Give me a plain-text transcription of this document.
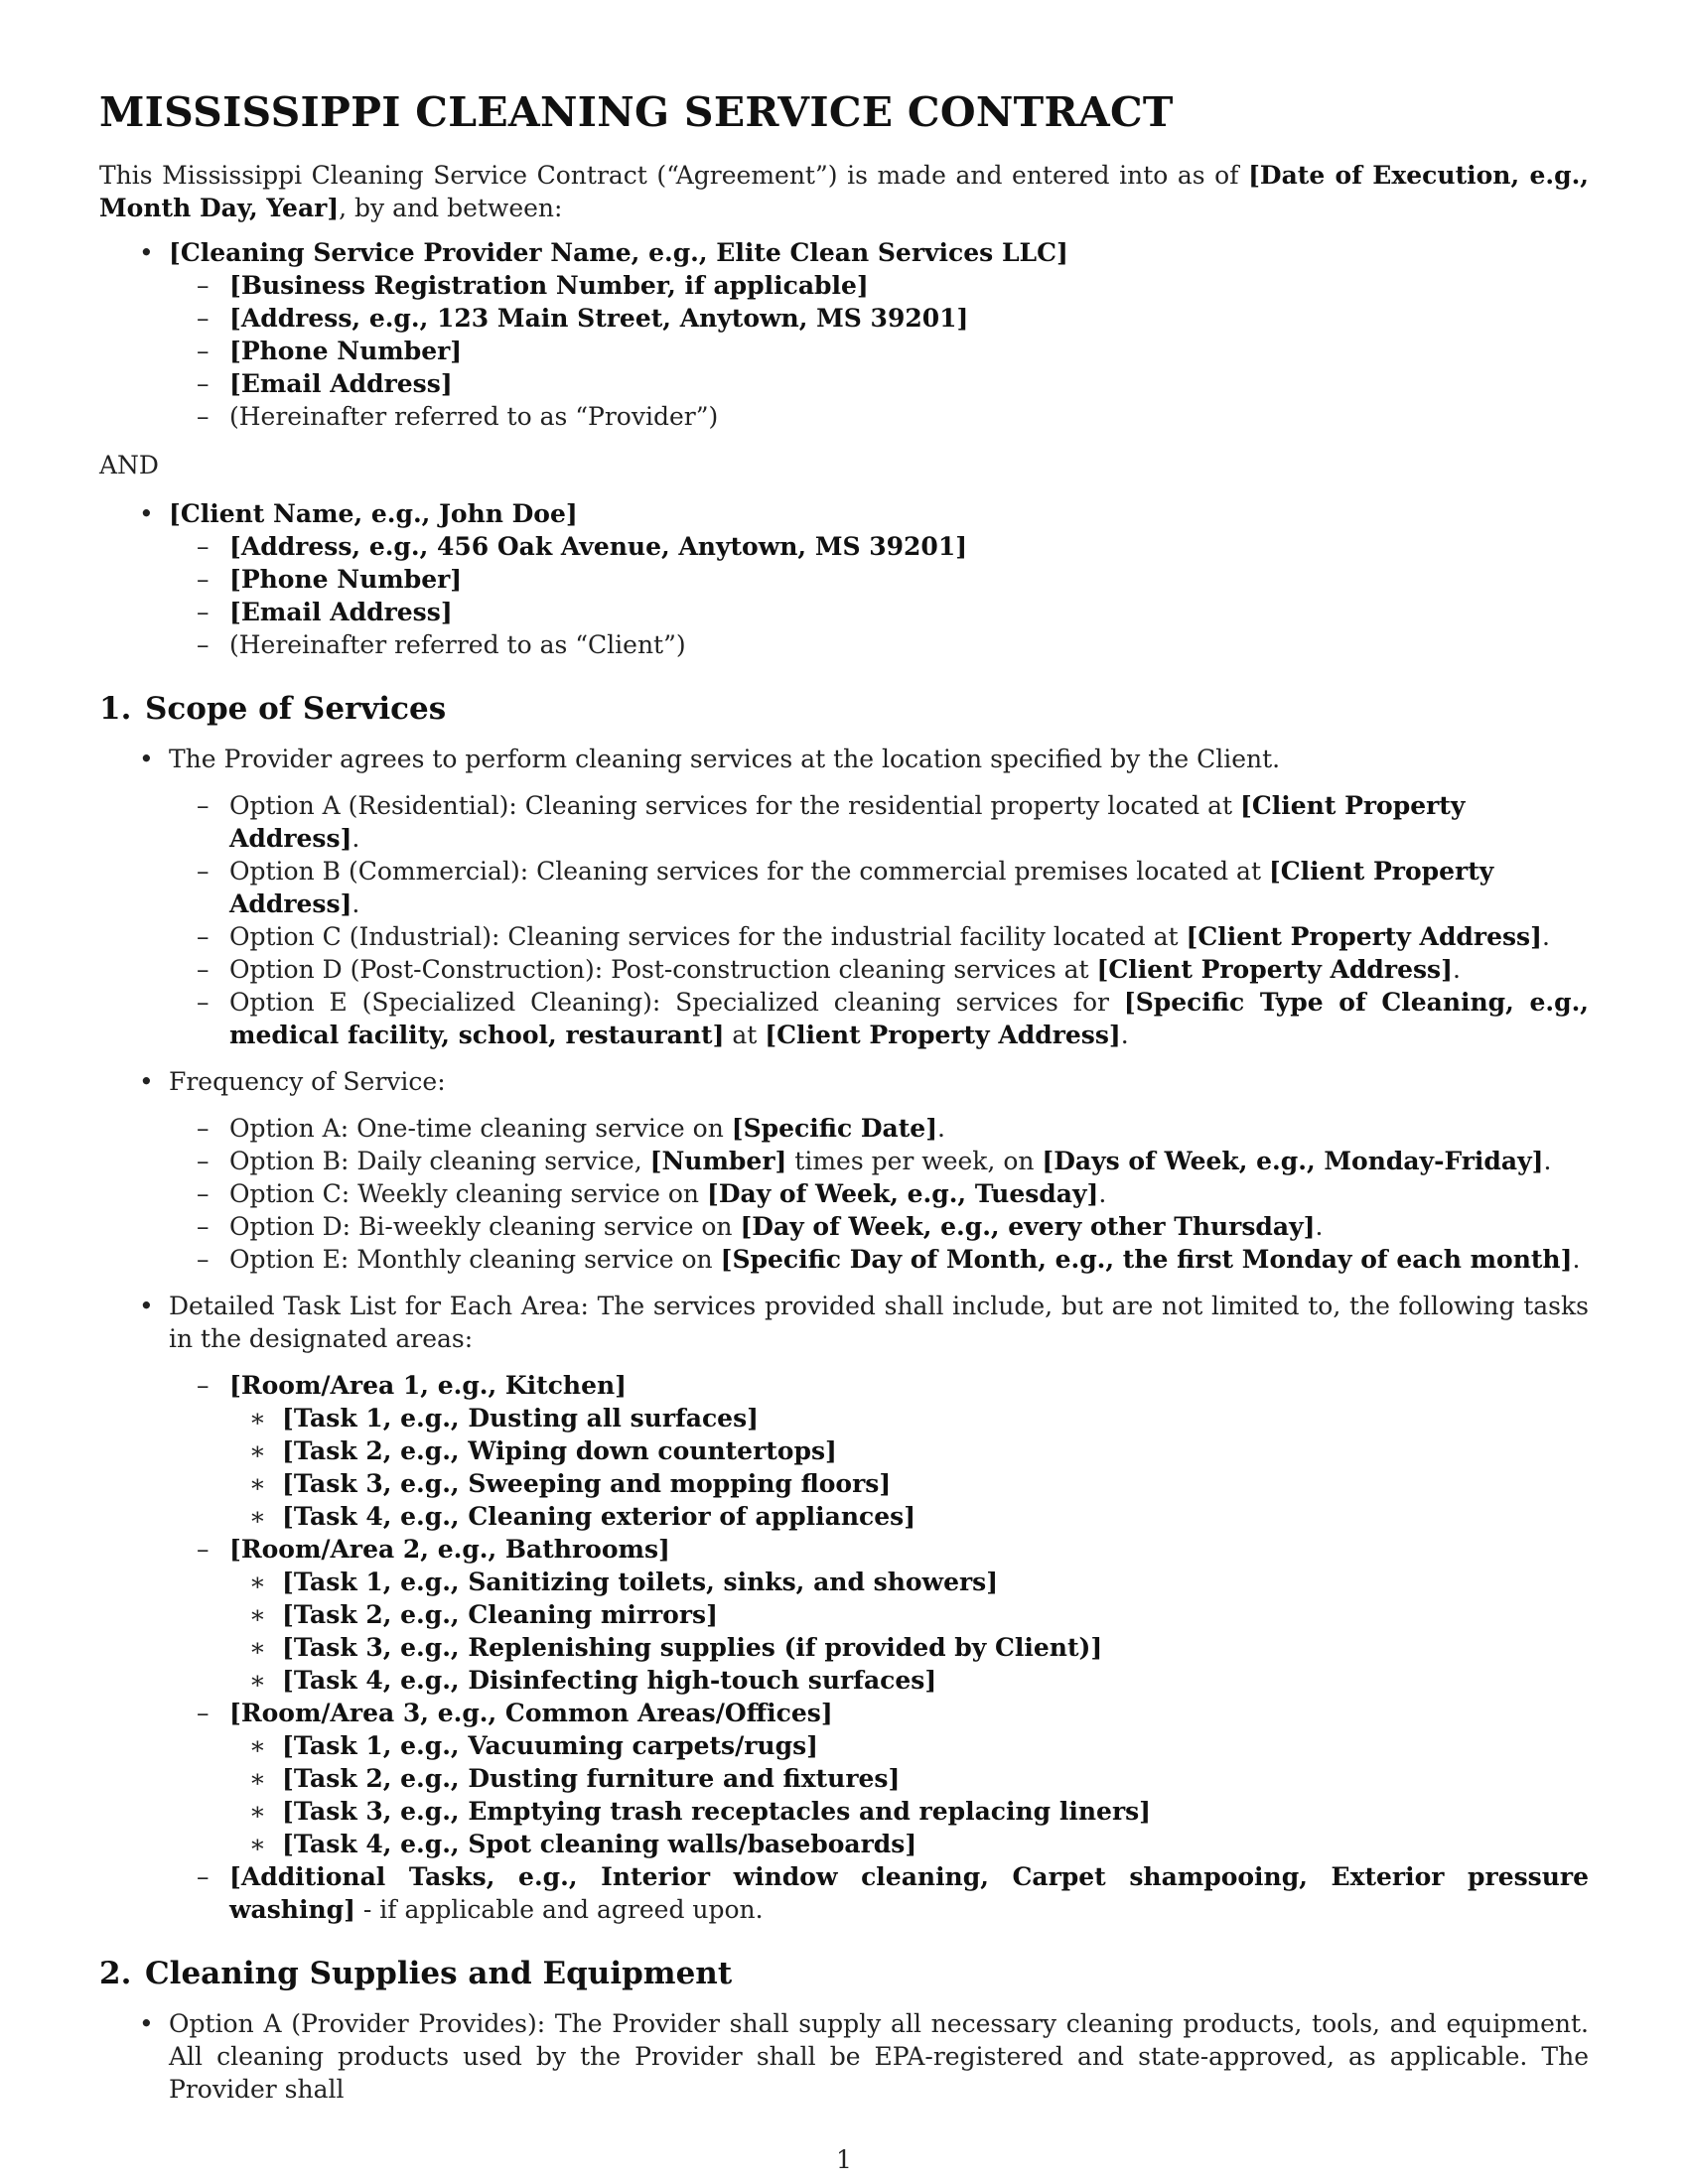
MISSISSIPPI CLEANING SERVICE CONTRACT

This Mississippi Cleaning Service Contract (“Agreement”) is made and entered into as of [Date of Execution, e.g., Month Day, Year], by and between:

• [Cleaning Service Provider Name, e.g., Elite Clean Services LLC]
– [Business Registration Number, if applicable]
– [Address, e.g., 123 Main Street, Anytown, MS 39201]
– [Phone Number]
– [Email Address]
– (Hereinafter referred to as “Provider”)

AND

• [Client Name, e.g., John Doe]
– [Address, e.g., 456 Oak Avenue, Anytown, MS 39201]
– [Phone Number]
– [Email Address]
– (Hereinafter referred to as “Client”)
1. Scope of Services
• The Provider agrees to perform cleaning services at the location specified by the Client.
– Option A (Residential): Cleaning services for the residential property located at [Client Property Address].
– Option B (Commercial): Cleaning services for the commercial premises located at [Client Property Address].
– Option C (Industrial): Cleaning services for the industrial facility located at [Client Property Address].
– Option D (Post-Construction): Post-construction cleaning services at [Client Property Address].
– Option E (Specialized Cleaning): Specialized cleaning services for [Specific Type of Cleaning, e.g., medical facility, school, restaurant] at [Client Property Address].
• Frequency of Service:
– Option A: One-time cleaning service on [Specific Date].
– Option B: Daily cleaning service, [Number] times per week, on [Days of Week, e.g., Monday-Friday].
– Option C: Weekly cleaning service on [Day of Week, e.g., Tuesday].
– Option D: Bi-weekly cleaning service on [Day of Week, e.g., every other Thursday].
– Option E: Monthly cleaning service on [Specific Day of Month, e.g., the first Monday of each month].
• Detailed Task List for Each Area: The services provided shall include, but are not limited to, the following tasks in the designated areas:
– [Room/Area 1, e.g., Kitchen]
∗ [Task 1, e.g., Dusting all surfaces]
∗ [Task 2, e.g., Wiping down countertops]
∗ [Task 3, e.g., Sweeping and mopping floors]
∗ [Task 4, e.g., Cleaning exterior of appliances]
– [Room/Area 2, e.g., Bathrooms]
∗ [Task 1, e.g., Sanitizing toilets, sinks, and showers]
∗ [Task 2, e.g., Cleaning mirrors]
∗ [Task 3, e.g., Replenishing supplies (if provided by Client)]
∗ [Task 4, e.g., Disinfecting high-touch surfaces]
– [Room/Area 3, e.g., Common Areas/Offices]
∗ [Task 1, e.g., Vacuuming carpets/rugs]
∗ [Task 2, e.g., Dusting furniture and fixtures]
∗ [Task 3, e.g., Emptying trash receptacles and replacing liners]
∗ [Task 4, e.g., Spot cleaning walls/baseboards]
– [Additional Tasks, e.g., Interior window cleaning, Carpet shampooing, Exterior pressure washing] - if applicable and agreed upon.
2. Cleaning Supplies and Equipment
• Option A (Provider Provides): The Provider shall supply all necessary cleaning products, tools, and equipment. All cleaning products used by the Provider shall be EPA-registered and state-approved, as applicable. The Provider shall
1
